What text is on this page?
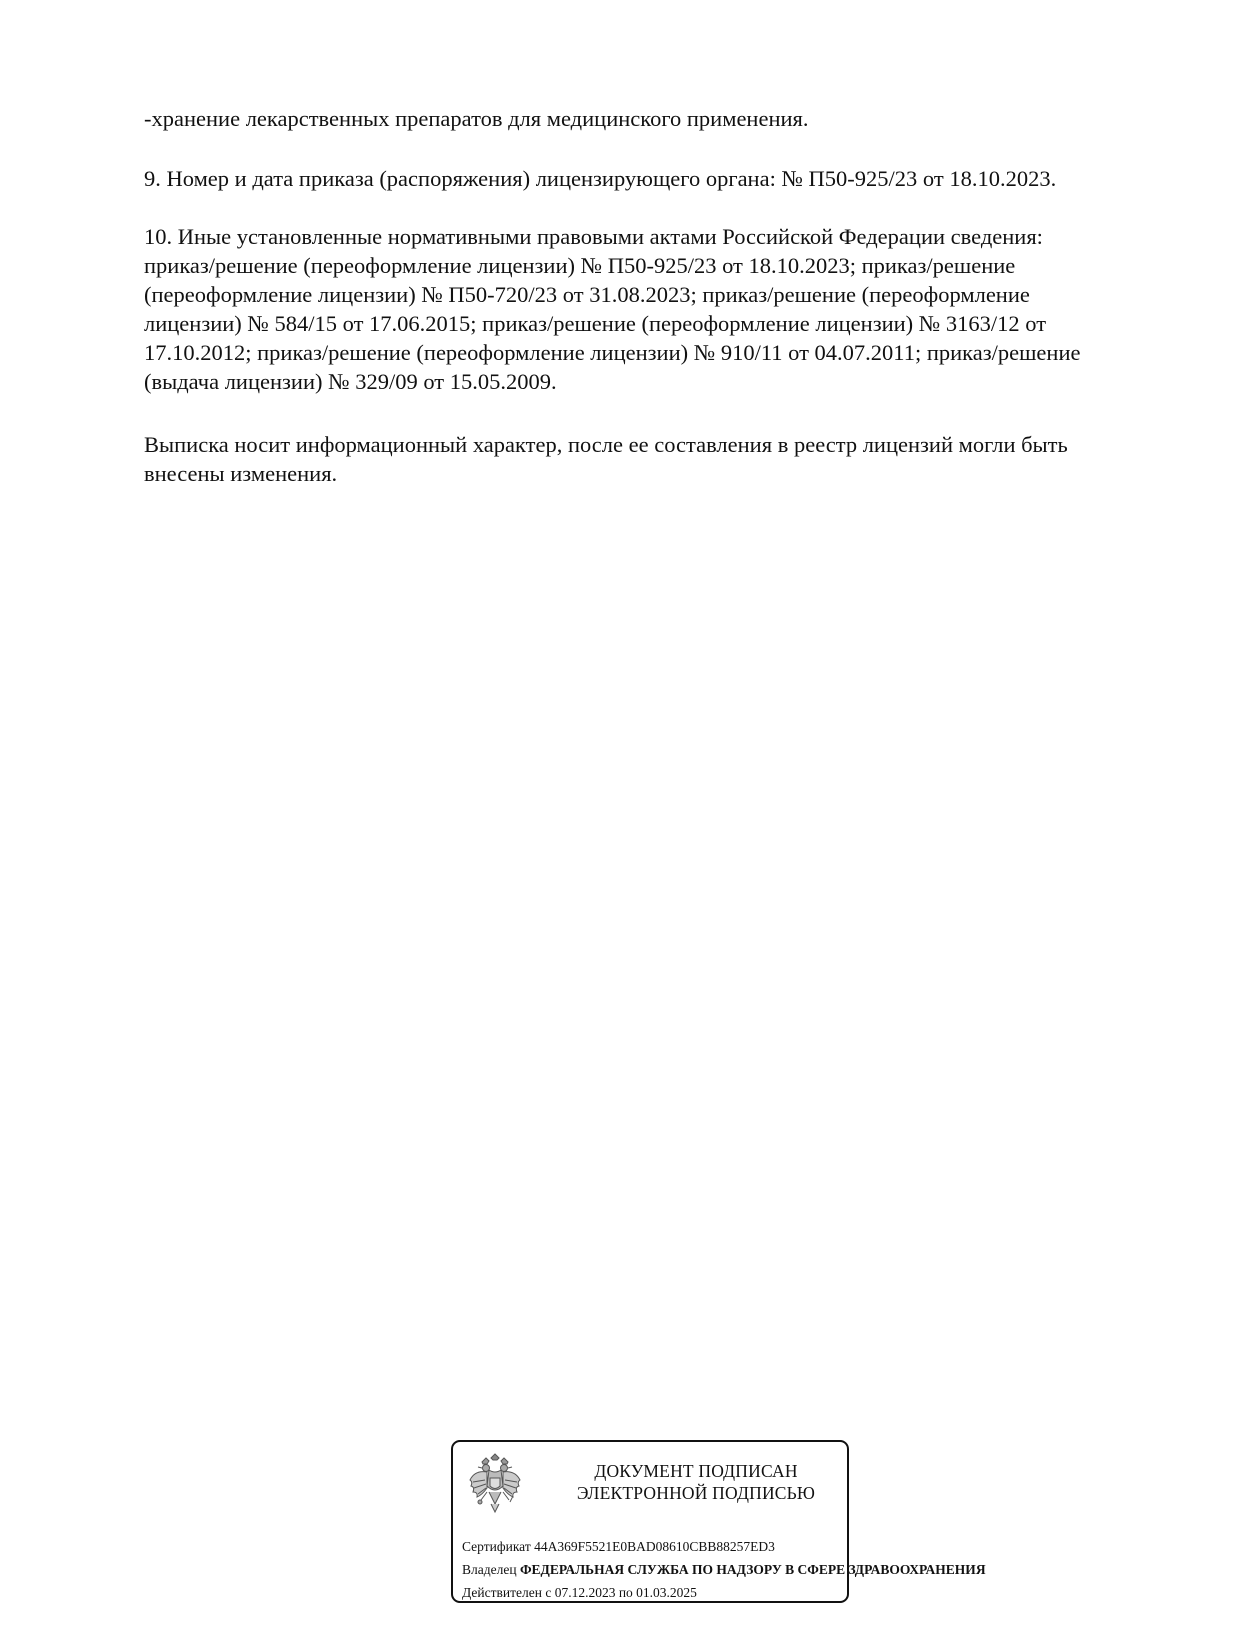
-хранение лекарственных препаратов для медицинского применения.
9. Номер и дата приказа (распоряжения) лицензирующего органа: № П50-925/23 от 18.10.2023.
10. Иные установленные нормативными правовыми актами Российской Федерации сведения:
приказ/решение (переоформление лицензии) № П50-925/23 от 18.10.2023; приказ/решение
(переоформление лицензии) № П50-720/23 от 31.08.2023; приказ/решение (переоформление
лицензии) № 584/15 от 17.06.2015; приказ/решение (переоформление лицензии) № 3163/12 от
17.10.2012; приказ/решение (переоформление лицензии) № 910/11 от 04.07.2011; приказ/решение
(выдача лицензии) № 329/09 от 15.05.2009.
Выписка носит информационный характер, после ее составления в реестр лицензий могли быть
внесены изменения.
ДОКУМЕНТ ПОДПИСАН
ЭЛЕКТРОННОЙ ПОДПИСЬЮ
Сертификат 44A369F5521E0BAD08610CBB88257ED3
Владелец ФЕДЕРАЛЬНАЯ СЛУЖБА ПО НАДЗОРУ В СФЕРЕ ЗДРАВООХРАНЕНИЯ
Действителен с 07.12.2023 по 01.03.2025
